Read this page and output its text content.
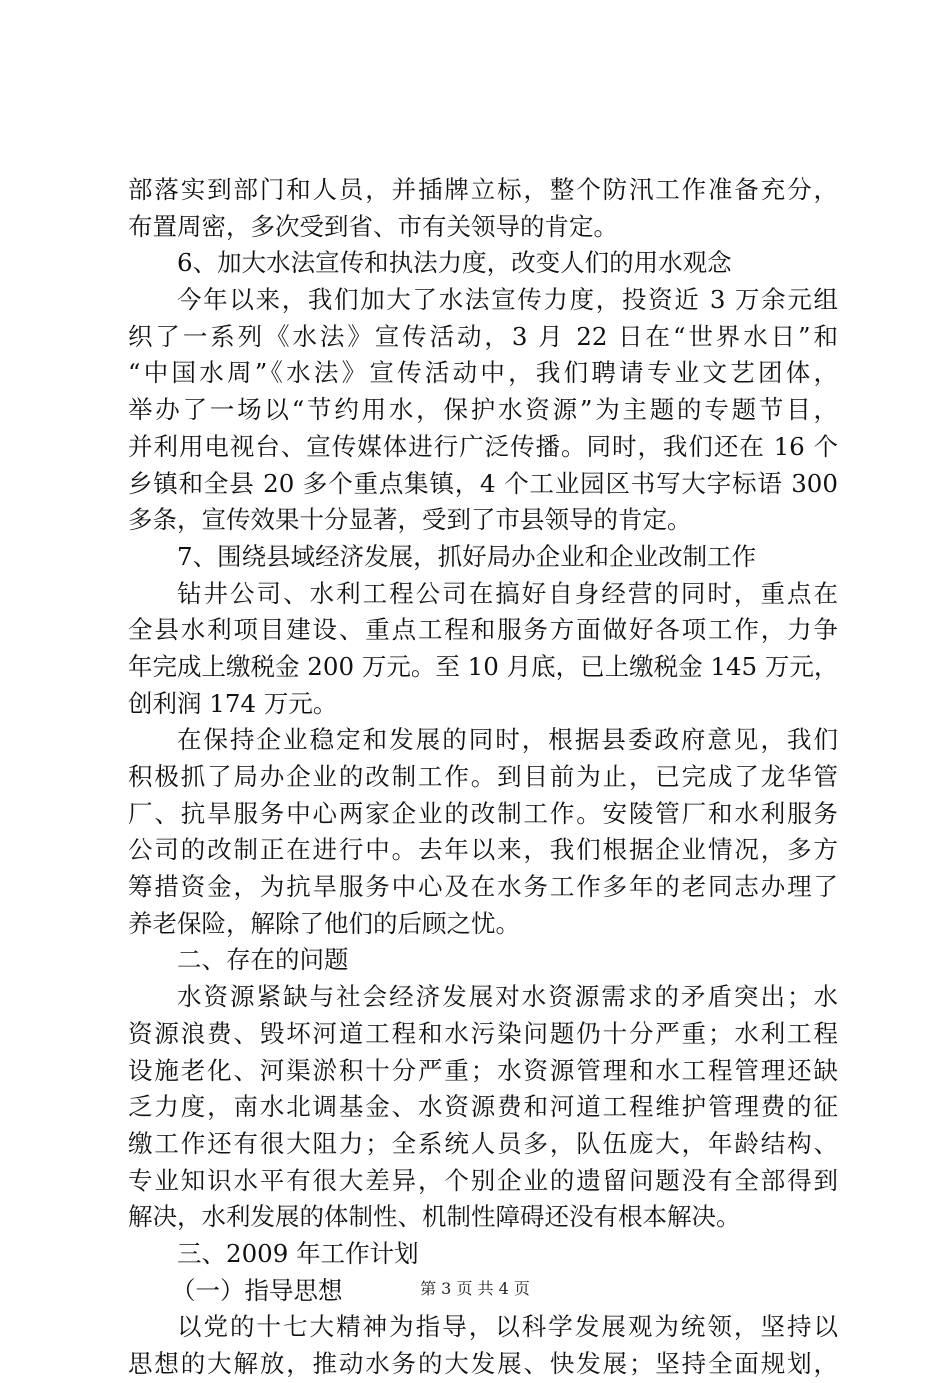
部落实到部门和人员，并插牌立标，整个防汛工作准备充分，
布置周密，多次受到省、市有关领导的肯定。
6、加大水法宣传和执法力度，改变人们的用水观念
今年以来，我们加大了水法宣传力度，投资近 3 万余元组
织了一系列《水法》宣传活动，3 月 22 日在“世界水日”和
“中国水周”《水法》宣传活动中，我们聘请专业文艺团体，
举办了一场以“节约用水，保护水资源”为主题的专题节目，
并利用电视台、宣传媒体进行广泛传播。同时，我们还在 16 个
乡镇和全县 20 多个重点集镇，4 个工业园区书写大字标语 300
多条，宣传效果十分显著，受到了市县领导的肯定。
7、围绕县域经济发展，抓好局办企业和企业改制工作
钻井公司、水利工程公司在搞好自身经营的同时，重点在
全县水利项目建设、重点工程和服务方面做好各项工作，力争
年完成上缴税金 200 万元。至 10 月底，已上缴税金 145 万元，
创利润 174 万元。
在保持企业稳定和发展的同时，根据县委政府意见，我们
积极抓了局办企业的改制工作。到目前为止，已完成了龙华管
厂、抗旱服务中心两家企业的改制工作。安陵管厂和水利服务
公司的改制正在进行中。去年以来，我们根据企业情况，多方
筹措资金，为抗旱服务中心及在水务工作多年的老同志办理了
养老保险，解除了他们的后顾之忧。
二、存在的问题
水资源紧缺与社会经济发展对水资源需求的矛盾突出；水
资源浪费、毁坏河道工程和水污染问题仍十分严重；水利工程
设施老化、河渠淤积十分严重；水资源管理和水工程管理还缺
乏力度，南水北调基金、水资源费和河道工程维护管理费的征
缴工作还有很大阻力；全系统人员多，队伍庞大，年龄结构、
专业知识水平有很大差异，个别企业的遗留问题没有全部得到
解决，水利发展的体制性、机制性障碍还没有根本解决。
三、2009 年工作计划
（一）指导思想
以党的十七大精神为指导，以科学发展观为统领，坚持以
思想的大解放，推动水务的大发展、快发展；坚持全面规划，
第 3 页 共 4 页
